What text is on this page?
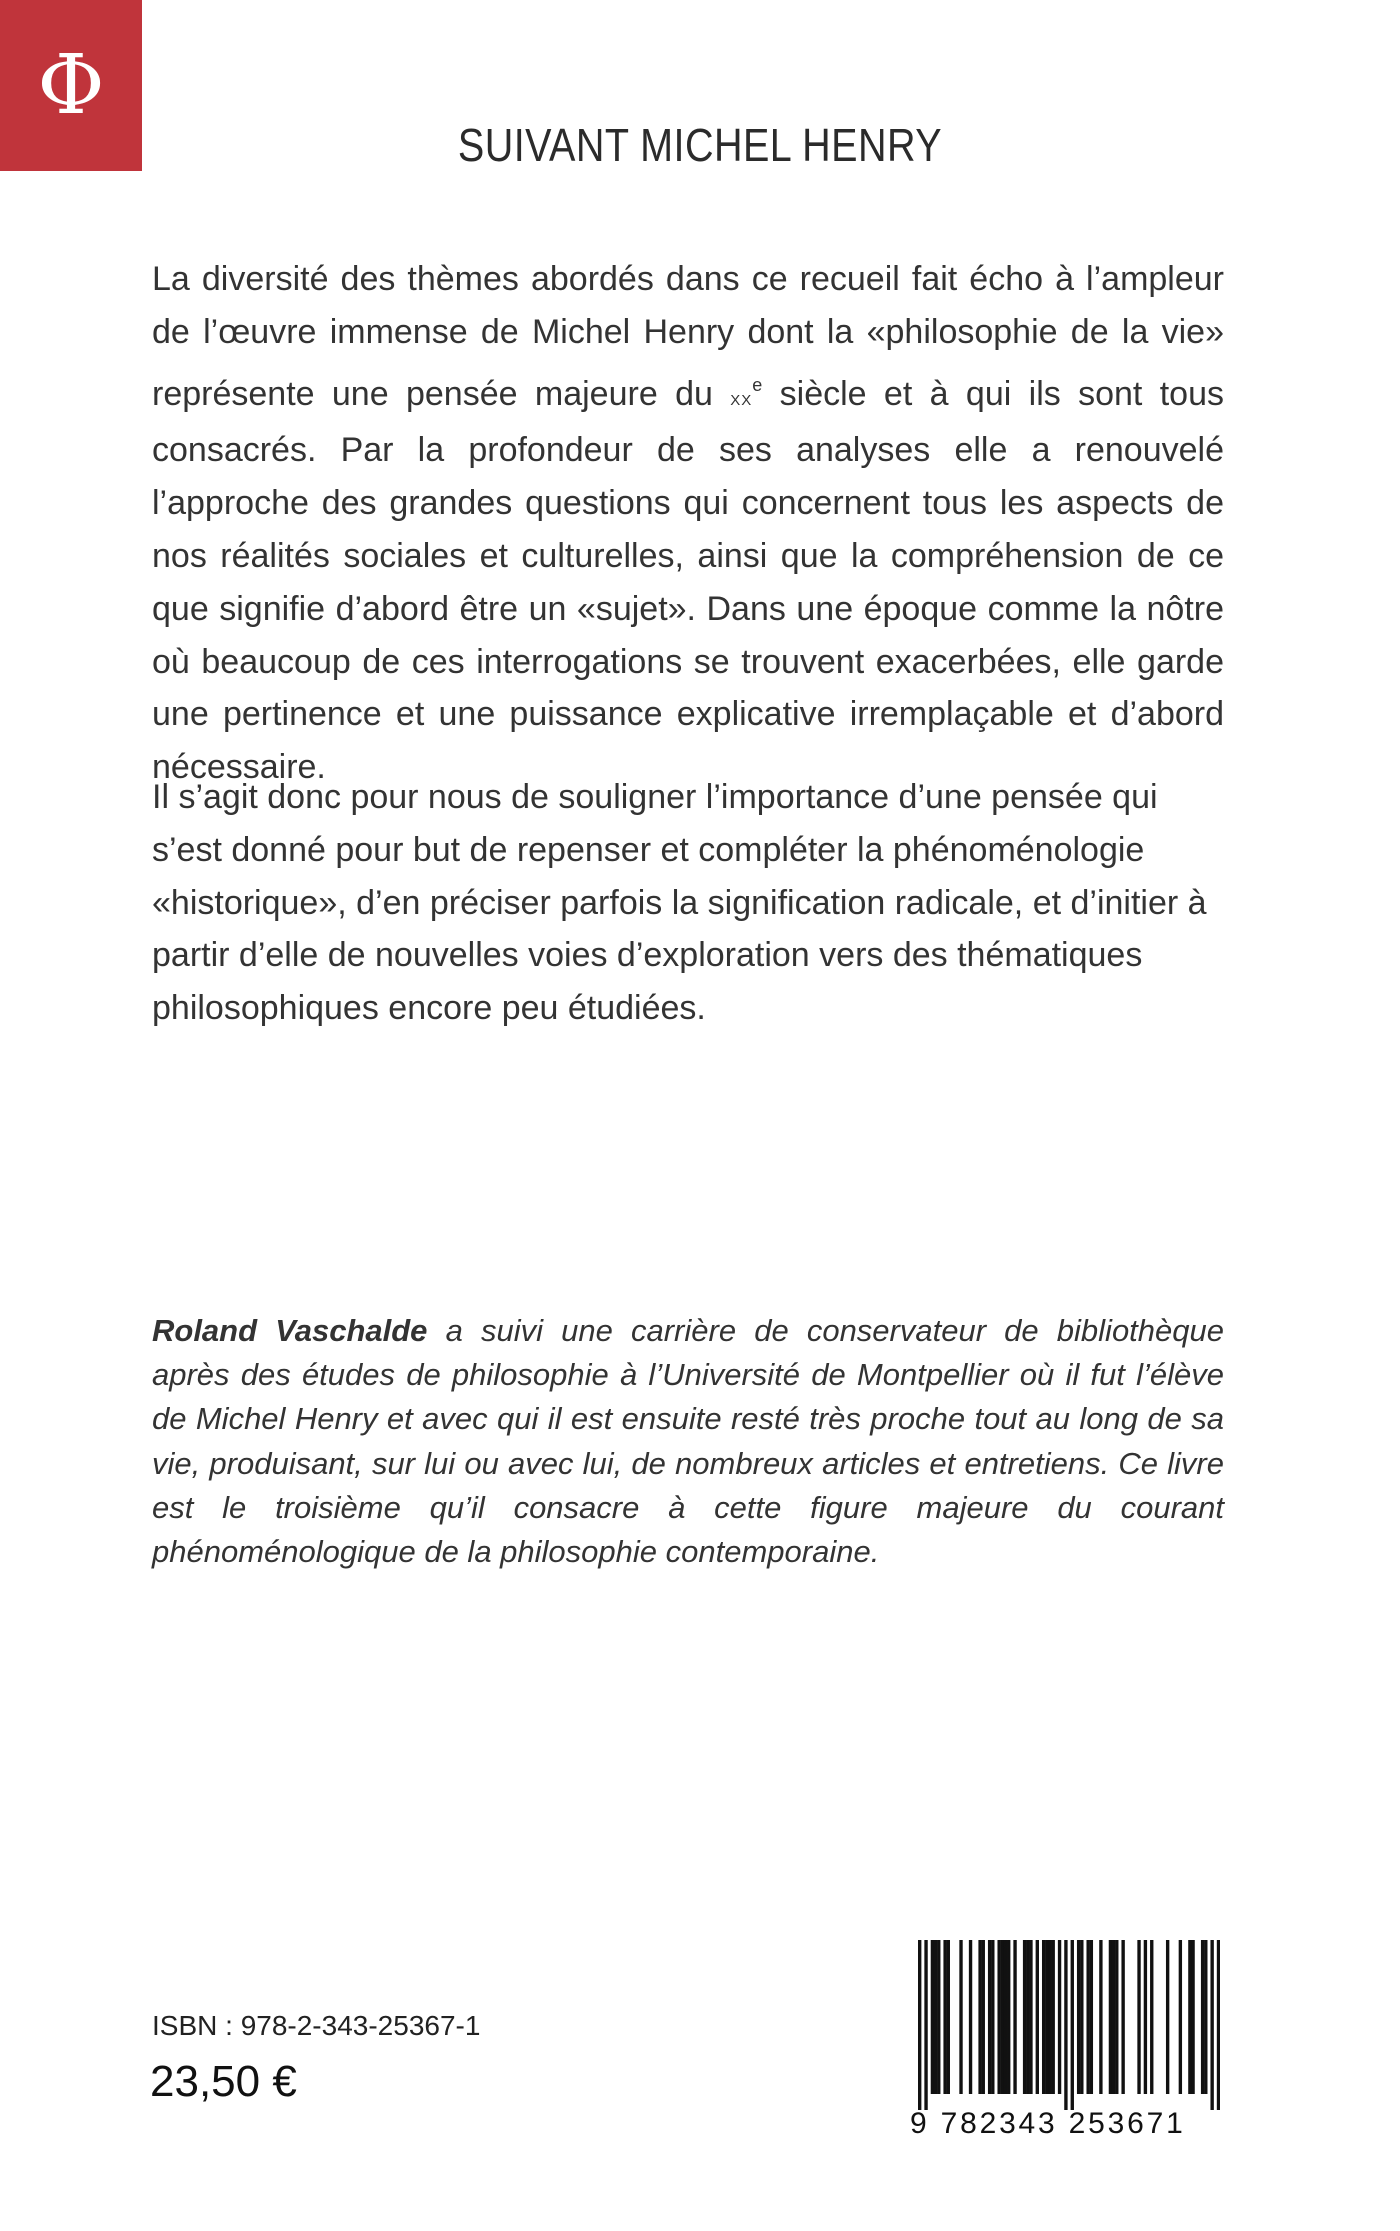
Φ
SUIVANT MICHEL HENRY

La diversité des thèmes abordés dans ce recueil fait écho à l’ampleur de l’œuvre immense de Michel Henry dont la «philosophie de la vie» représente une pensée majeure du $xx^e$ siècle et à qui ils sont tous consacrés. Par la profondeur de ses analyses elle a renouvelé l’approche des grandes questions qui concernent tous les aspects de nos réalités sociales et culturelles, ainsi que la compréhension de ce que signifie d’abord être un «sujet». Dans une époque comme la nôtre où beaucoup de ces interrogations se trouvent exacerbées, elle garde une pertinence et une puissance explicative irremplaçable et d’abord nécessaire.

Il s’agit donc pour nous de souligner l’importance d’une pensée qui s’est donné pour but de repenser et compléter la phénoménologie «historique», d’en préciser parfois la signification radicale, et d’initier à partir d’elle de nouvelles voies d’exploration vers des thématiques philosophiques encore peu étudiées.

Roland Vaschalde a suivi une carrière de conservateur de bibliothèque après des études de philosophie à l’Université de Montpellier où il fut l’élève de Michel Henry et avec qui il est ensuite resté très proche tout au long de sa vie, produisant, sur lui ou avec lui, de nombreux articles et entretiens. Ce livre est le troisième qu’il consacre à cette figure majeure du courant phénoménologique de la philosophie contemporaine.

ISBN : 978-2-343-25367-1

23,50 €

9 782343 253671
